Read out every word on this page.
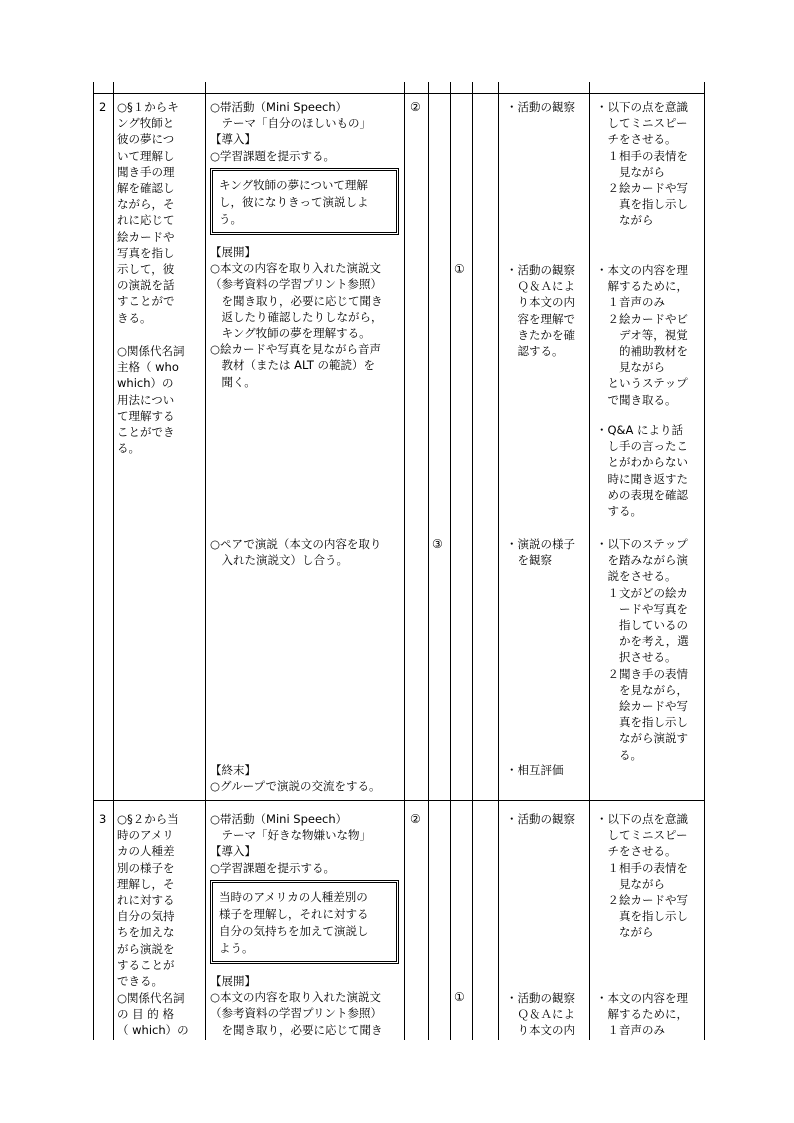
2 ○§１からキ
ング牧師と
彼の夢につ
いて理解し
聞き手の理
解を確認し
ながら，そ
れに応じて
絵カードや
写真を指し
示して，彼
の演説を話
すことがで
きる。
○関係代名詞
主格（ who
which）の
用法につい
て理解する
ことができ
る。
○帯活動（Mini Speech）
　テーマ「自分のほしいもの」
【導入】
○学習課題を提示する。
キング牧師の夢について理解
し，彼になりきって演説しよ
う。
【展開】
○本文の内容を取り入れた演説文
（参考資料の学習プリント参照）
　を聞き取り，必要に応じて聞き
　返したり確認したりしながら，
　キング牧師の夢を理解する。
○絵カードや写真を見ながら音声
　教材（または ALT の範読）を
　聞く。
○ペアで演説（本文の内容を取り
　入れた演説文）し合う。
【終末】
○グループで演説の交流をする。
②
①
③
・活動の観察
・活動の観察
　Ｑ＆Ａによ
　り本文の内
　容を理解で
　きたかを確
　認する。
・演説の様子
　を観察
・相互評価
・以下の点を意識
　してミニスピー
　チをさせる。
　１相手の表情を
　　見ながら
　２絵カードや写
　　真を指し示し
　　ながら
・本文の内容を理
　解するために，
　１音声のみ
　２絵カードやビ
　　デオ等，視覚
　　的補助教材を
　　見ながら
　というステップ
　で聞き取る。
・Q&A により話
　し手の言ったこ
　とがわからない
　時に聞き返すた
　めの表現を確認
　する。
・以下のステップ
　を踏みながら演
　説をさせる。
　１文がどの絵カ
　　ードや写真を
　　指しているの
　　かを考え，選
　　択させる。
　２聞き手の表情
　　を見ながら，
　　絵カードや写
　　真を指し示し
　　ながら演説す
　　る。
3 ○§２から当
時のアメリ
カの人種差
別の様子を
理解し，そ
れに対する
自分の気持
ちを加えな
がら演説を
することが
できる。
○関係代名詞
の 目 的 格
（ which）の
○帯活動（Mini Speech）
　テーマ「好きな物嫌いな物」
【導入】
○学習課題を提示する。
当時のアメリカの人種差別の
様子を理解し，それに対する
自分の気持ちを加えて演説し
よう。
【展開】
○本文の内容を取り入れた演説文
（参考資料の学習プリント参照）
　を聞き取り，必要に応じて聞き
②
①
・活動の観察
・活動の観察
　Ｑ＆Ａによ
　り本文の内
・以下の点を意識
　してミニスピー
　チをさせる。
　１相手の表情を
　　見ながら
　２絵カードや写
　　真を指し示し
　　ながら
・本文の内容を理
　解するために，
　１音声のみ
